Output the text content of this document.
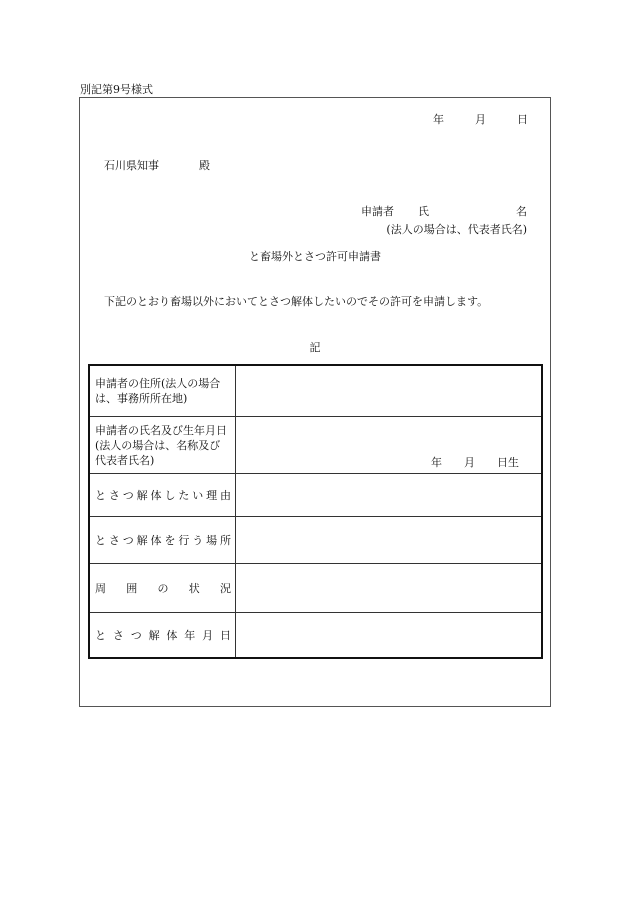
別記第9号様式
年	月	日
石川県知事	殿
申請者 氏	名
(法人の場合は、代表者氏名)
と畜場外とさつ許可申請書
下記のとおり畜場以外においてとさつ解体したいのでその許可を申請します。
記
申請者の住所(法人の場合は、事務所所在地)	
申請者の氏名及び生年月日(法人の場合は、名称及び代表者氏名)	年　　月　　日生

とさつ解体したい理由	

とさつ解体を行う場所	

周　囲　の　状　況	

とさつ解体年月日	
